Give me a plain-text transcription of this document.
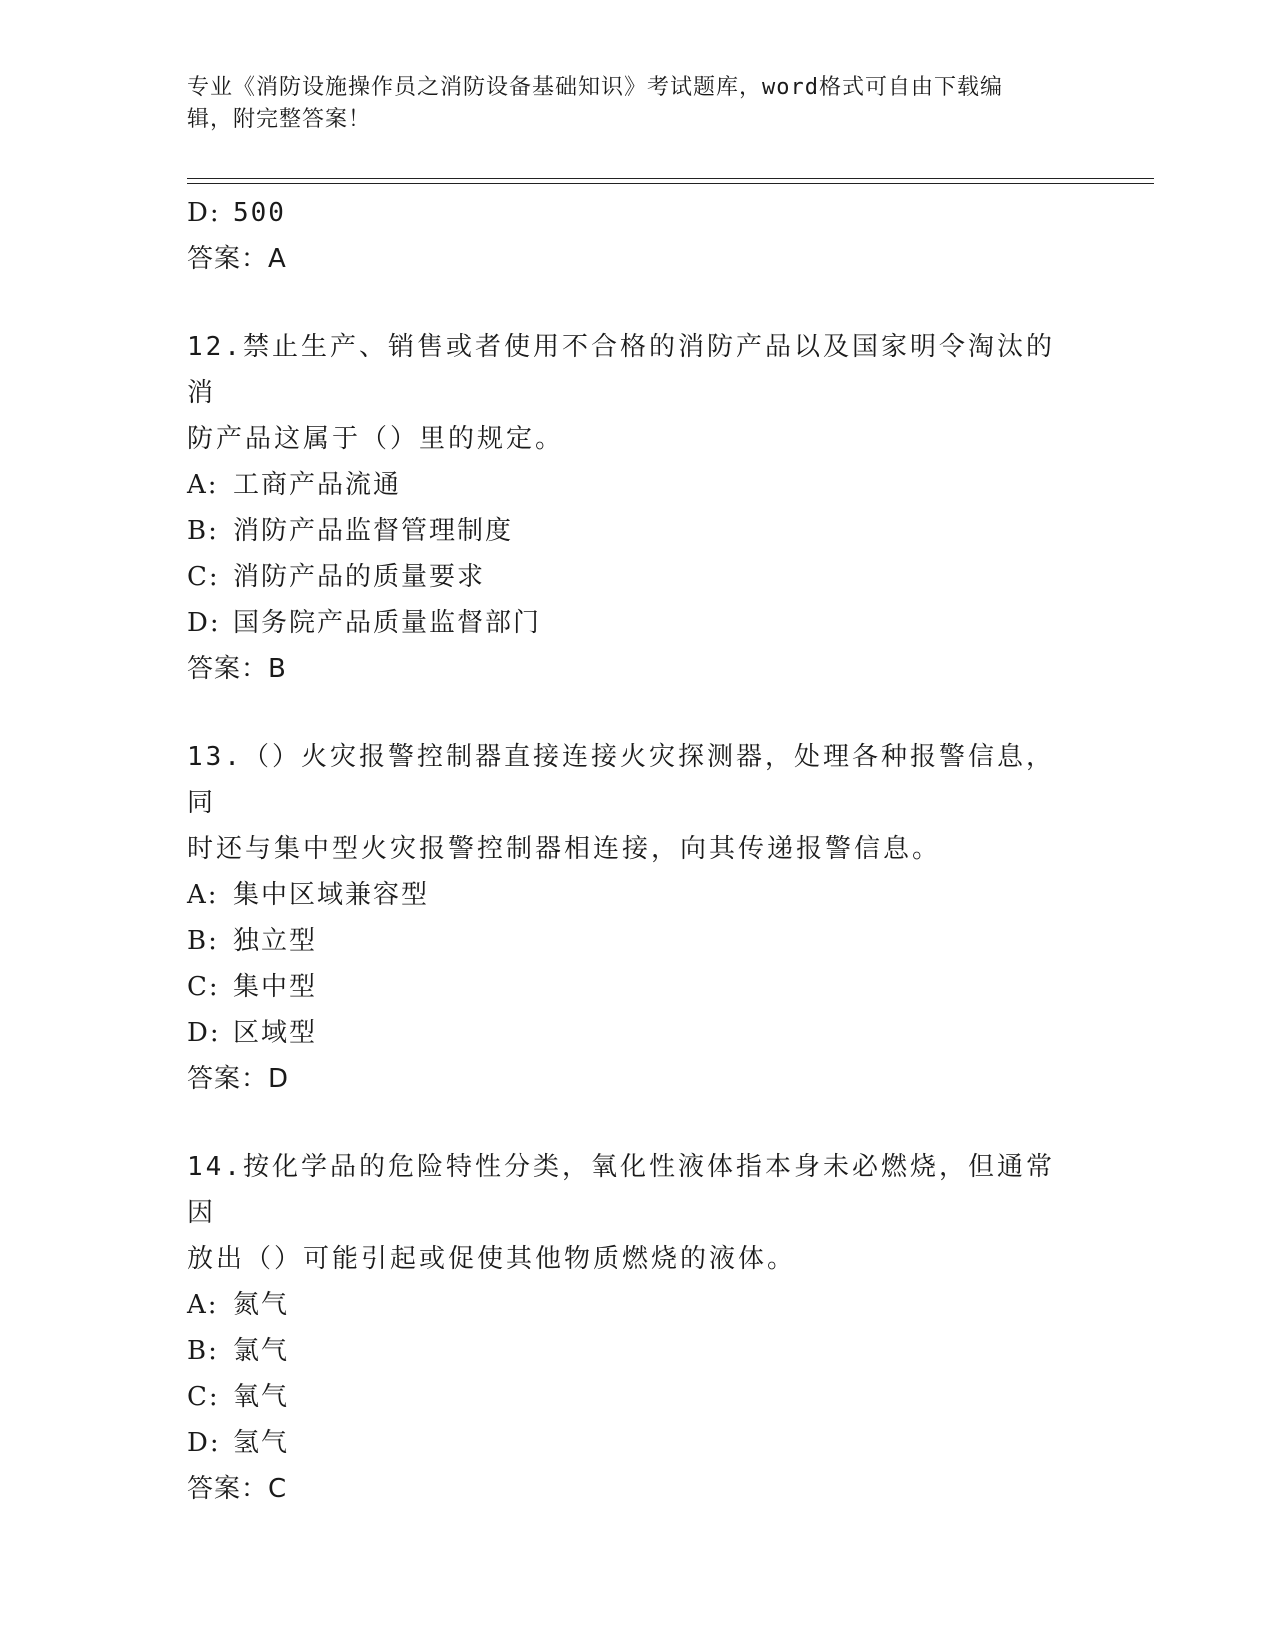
专业《消防设施操作员之消防设备基础知识》考试题库，word格式可自由下载编
辑，附完整答案！
D: 500
答案：A
12.禁止生产、销售或者使用不合格的消防产品以及国家明令淘汰的消
防产品这属于（）里的规定。
A: 工商产品流通
B: 消防产品监督管理制度
C: 消防产品的质量要求
D: 国务院产品质量监督部门
答案：B
13.（）火灾报警控制器直接连接火灾探测器，处理各种报警信息，同
时还与集中型火灾报警控制器相连接，向其传递报警信息。
A: 集中区域兼容型
B: 独立型
C: 集中型
D: 区域型
答案：D
14.按化学品的危险特性分类，氧化性液体指本身未必燃烧，但通常因
放出（）可能引起或促使其他物质燃烧的液体。
A: 氮气
B: 氯气
C: 氧气
D: 氢气
答案：C
